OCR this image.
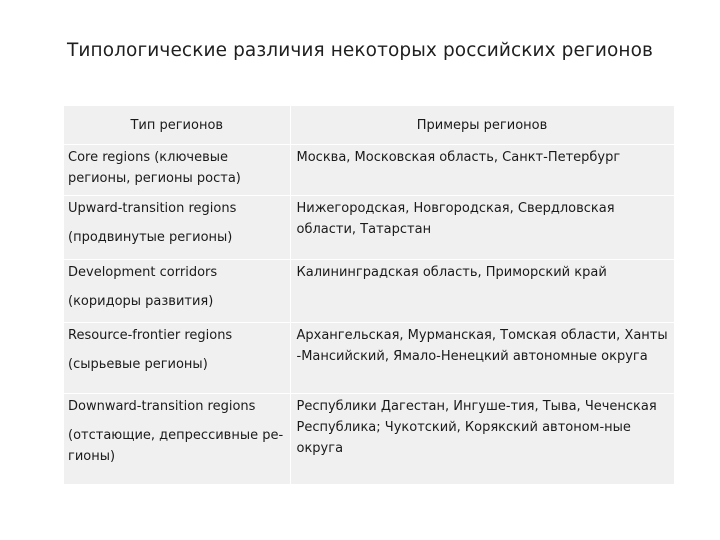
Типологические различия некоторых российских регионов
Тип регионов	Примеры регионов

Core regions (ключевые
регионы, регионы роста)	Москва, Московская область, Санкт-Петербург

Upward-transition regions
(продвинутые регионы)	Нижегородская, Новгородская, Свердловская области, Татарстан

Development corridors
(коридоры развития)	Калининградская область, Приморский край

Resource-frontier regions
(сырьевые регионы)	Архангельская, Мурманская, Томская области, Ханты -Мансийский, Ямало-Ненецкий автономные округа

Downward-transition regions
(отстающие, депрессивные ре-гионы)	Республики Дагестан, Ингуше-тия, Тыва, Чеченская Республика; Чукотский, Корякский автоном-ные округа
